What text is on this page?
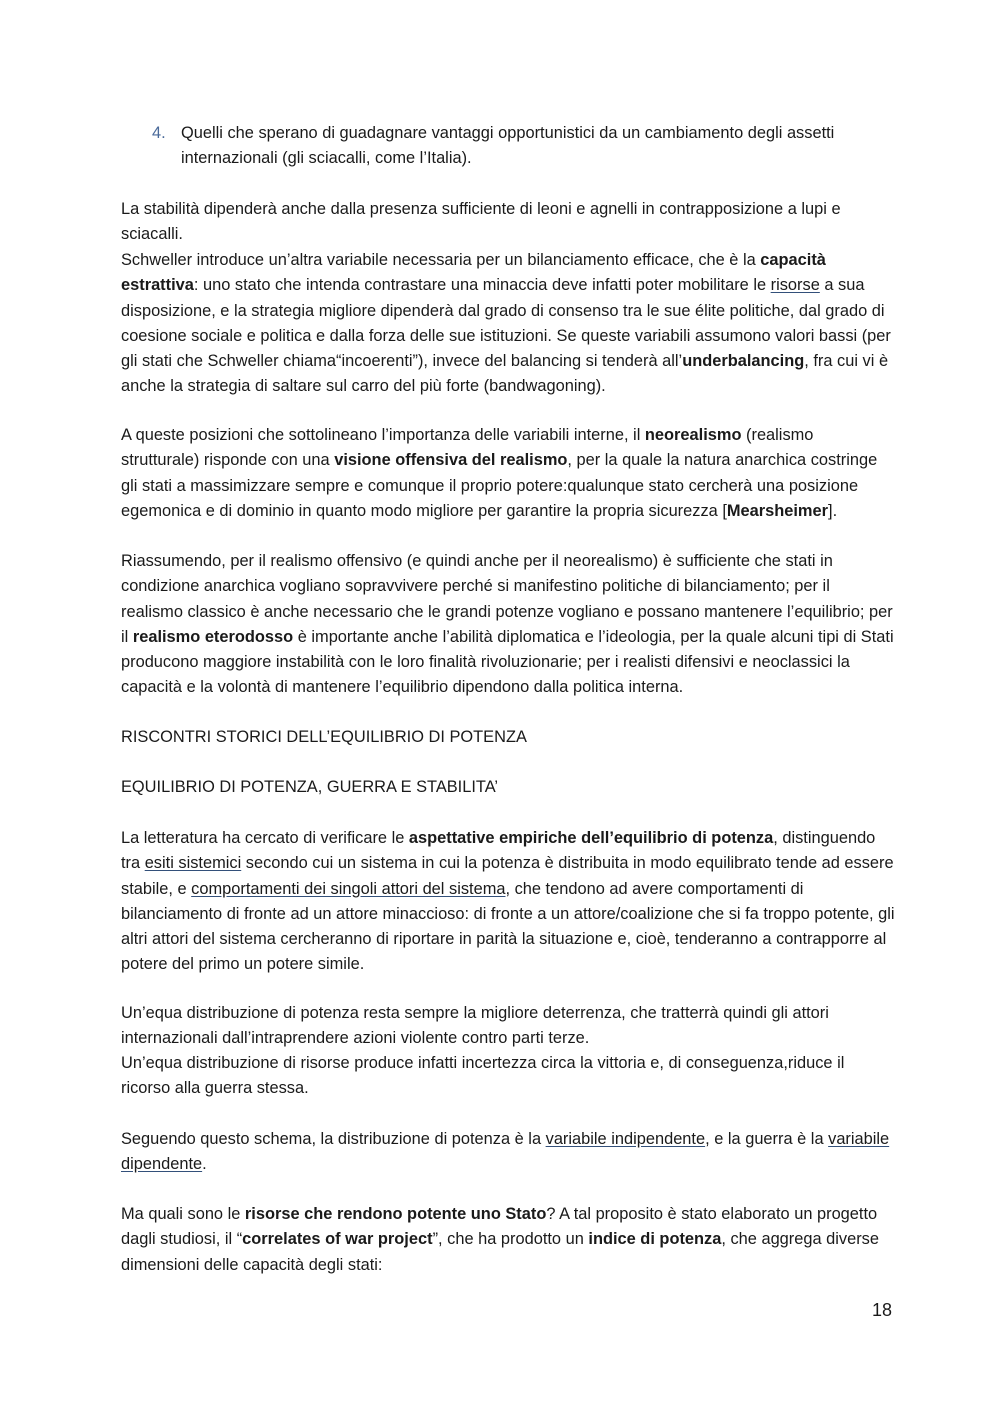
4. Quelli che sperano di guadagnare vantaggi opportunistici da un cambiamento degli assetti internazionali (gli sciacalli, come l’Italia).

La stabilità dipenderà anche dalla presenza sufficiente di leoni e agnelli in contrapposizione a lupi e sciacalli.

Schweller introduce un’altra variabile necessaria per un bilanciamento efficace, che è la capacità estrattiva: uno stato che intenda contrastare una minaccia deve infatti poter mobilitare le risorse a sua disposizione, e la strategia migliore dipenderà dal grado di consenso tra le sue élite politiche, dal grado di coesione sociale e politica e dalla forza delle sue istituzioni. Se queste variabili assumono valori bassi (per gli stati che Schweller chiama“incoerenti”), invece del balancing si tenderà all’underbalancing, fra cui vi è anche la strategia di saltare sul carro del più forte (bandwagoning).

A queste posizioni che sottolineano l’importanza delle variabili interne, il neorealismo (realismo strutturale) risponde con una visione offensiva del realismo, per la quale la natura anarchica costringe gli stati a massimizzare sempre e comunque il proprio potere:qualunque stato cercherà una posizione egemonica e di dominio in quanto modo migliore per garantire la propria sicurezza [Mearsheimer].

Riassumendo, per il realismo offensivo (e quindi anche per il neorealismo) è sufficiente che stati in condizione anarchica vogliano sopravvivere perché si manifestino politiche di bilanciamento; per il realismo classico è anche necessario che le grandi potenze vogliano e possano mantenere l’equilibrio; per il realismo eterodosso è importante anche l’abilità diplomatica e l’ideologia, per la quale alcuni tipi di Stati producono maggiore instabilità con le loro finalità rivoluzionarie; per i realisti difensivi e neoclassici la capacità e la volontà di mantenere l’equilibrio dipendono dalla politica interna.

RISCONTRI STORICI DELL’EQUILIBRIO DI POTENZA

EQUILIBRIO DI POTENZA, GUERRA E STABILITA’

La letteratura ha cercato di verificare le aspettative empiriche dell’equilibrio di potenza, distinguendo tra esiti sistemici secondo cui un sistema in cui la potenza è distribuita in modo equilibrato tende ad essere stabile, e comportamenti dei singoli attori del sistema, che tendono ad avere comportamenti di bilanciamento di fronte ad un attore minaccioso: di fronte a un attore/coalizione che si fa troppo potente, gli altri attori del sistema cercheranno di riportare in parità la situazione e, cioè, tenderanno a contrapporre al potere del primo un potere simile.

Un’equa distribuzione di potenza resta sempre la migliore deterrenza, che tratterrà quindi gli attori internazionali dall’intraprendere azioni violente contro parti terze.

Un’equa distribuzione di risorse produce infatti incertezza circa la vittoria e, di conseguenza,riduce il ricorso alla guerra stessa.

Seguendo questo schema, la distribuzione di potenza è la variabile indipendente, e la guerra è la variabile dipendente.

Ma quali sono le risorse che rendono potente uno Stato? A tal proposito è stato elaborato un progetto dagli studiosi, il “correlates of war project”, che ha prodotto un indice di potenza, che aggrega diverse dimensioni delle capacità degli stati:

18
